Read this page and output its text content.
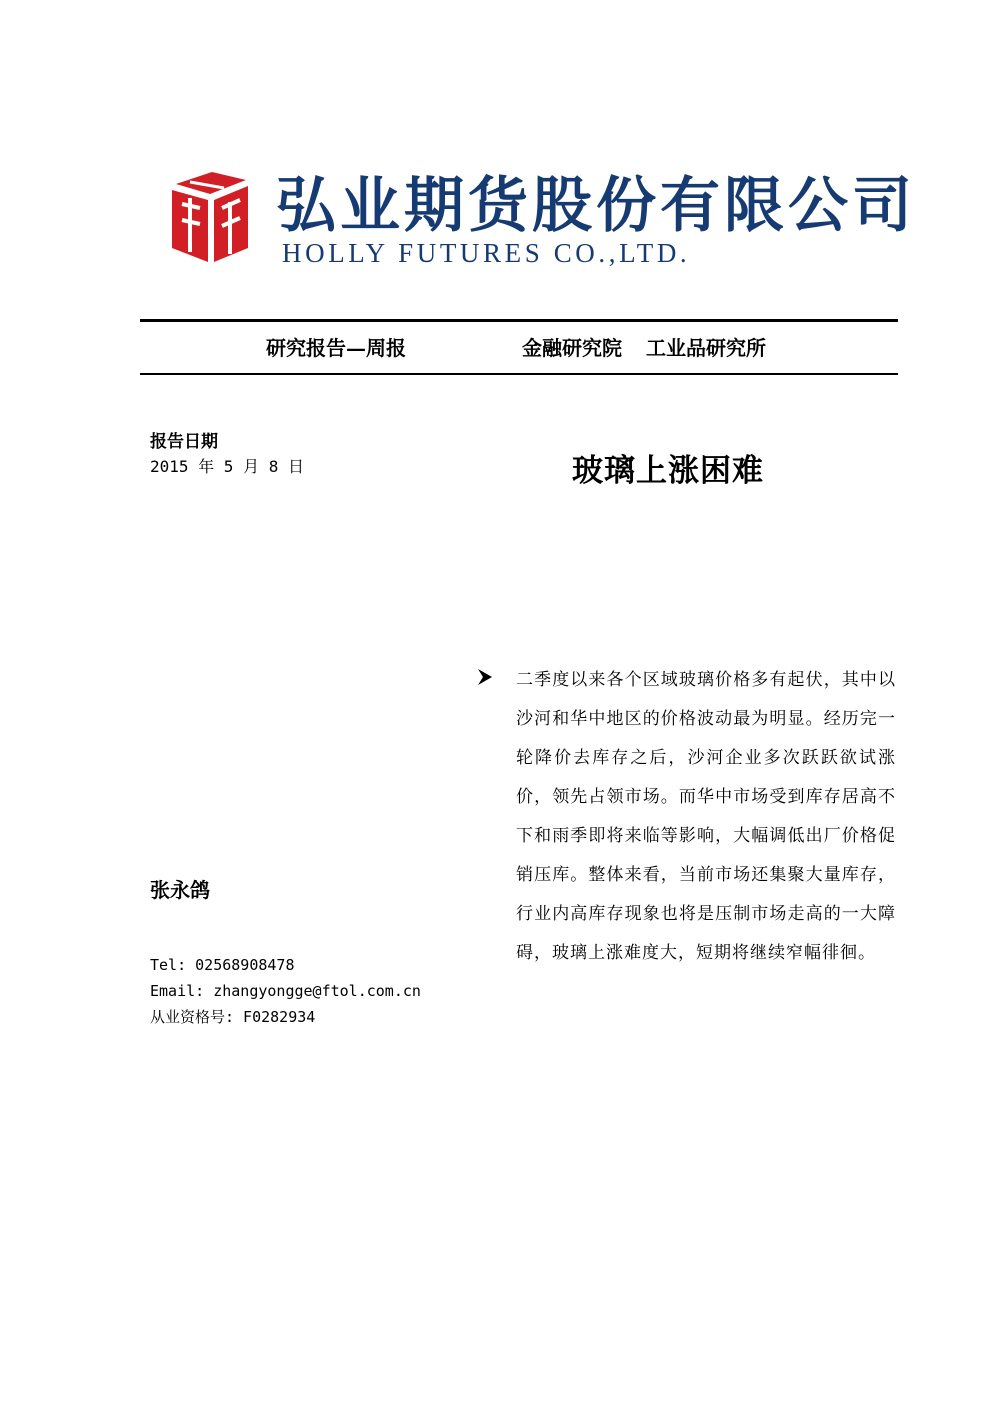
弘业期货股份有限公司
HOLLY FUTURES CO.,LTD.
研究报告—周报	金融研究院 工业品研究所
报告日期
2015 年 5 月 8 日	玻璃上涨困难
二季度以来各个区域玻璃价格多有起伏，其中以沙河和华中地区的价格波动最为明显。经历完一轮降价去库存之后，沙河企业多次跃跃欲试涨价，领先占领市场。而华中市场受到库存居高不下和雨季即将来临等影响，大幅调低出厂价格促销压库。整体来看，当前市场还集聚大量库存，行业内高库存现象也将是压制市场走高的一大障碍，玻璃上涨难度大，短期将继续窄幅徘徊。
张永鸽
Tel: 02568908478
Email: zhangyongge@ftol.com.cn
从业资格号: F0282934
